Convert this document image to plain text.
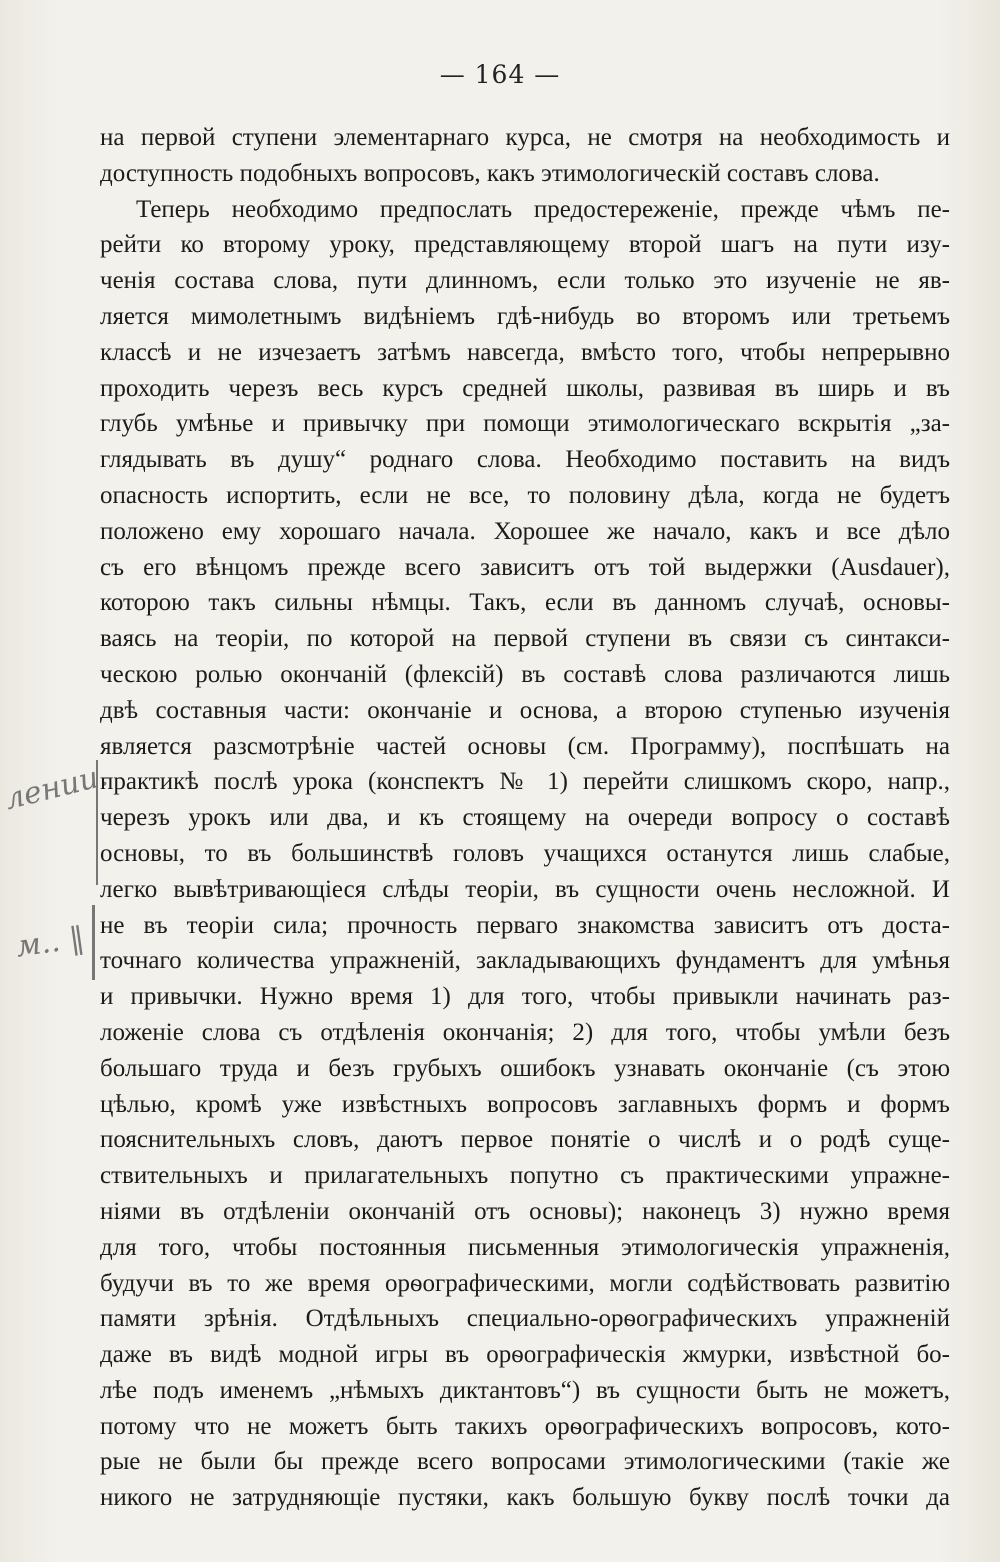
— 164 —
лении.
м.. ‖
на первой ступени элементарнаго курса, не смотря на необходимость и
доступность подобныхъ вопросовъ, какъ этимологическiй составъ слова.
Теперь необходимо предпослать предостереженiе, прежде чѣмъ пе-
рейти ко второму уроку, представляющему второй шагъ на пути изу-
ченiя состава слова, пути длинномъ, если только это изученiе не яв-
ляется мимолетнымъ видѣнiемъ гдѣ-нибудь во второмъ или третьемъ
классѣ и не изчезаетъ затѣмъ навсегда, вмѣсто того, чтобы непрерывно
проходить черезъ весь курсъ средней школы, развивая въ ширь и въ
глубь умѣнье и привычку при помощи этимологическаго вскрытiя „за-
глядывать въ душу“ роднаго слова. Необходимо поставить на видъ
опасность испортить, если не все, то половину дѣла, когда не будетъ
положено ему хорошаго начала. Хорошее же начало, какъ и все дѣло
съ его вѣнцомъ прежде всего зависитъ отъ той выдержки (Ausdauer),
которою такъ сильны нѣмцы. Такъ, если въ данномъ случаѣ, основы-
ваясь на теорiи, по которой на первой ступени въ связи съ синтакси-
ческою ролью окончанiй (флексiй) въ составѣ слова различаются лишь
двѣ составныя части: окончанiе и основа, а второю ступенью изученiя
является разсмотрѣнiе частей основы (см. Программу), поспѣшать на
практикѣ послѣ урока (конспектъ № 1) перейти слишкомъ скоро, напр.,
черезъ урокъ или два, и къ стоящему на очереди вопросу о составѣ
основы, то въ большинствѣ головъ учащихся останутся лишь слабые,
легко вывѣтривающiеся слѣды теорiи, въ сущности очень несложной. И
не въ теорiи сила; прочность перваго знакомства зависитъ отъ доста-
точнаго количества упражненiй, закладывающихъ фундаментъ для умѣнья
и привычки. Нужно время 1) для того, чтобы привыкли начинать раз-
ложенiе слова съ отдѣленiя окончанiя; 2) для того, чтобы умѣли безъ
большаго труда и безъ грубыхъ ошибокъ узнавать окончанiе (съ этою
цѣлью, кромѣ уже извѣстныхъ вопросовъ заглавныхъ формъ и формъ
пояснительныхъ словъ, даютъ первое понятiе о числѣ и о родѣ суще-
ствительныхъ и прилагательныхъ попутно съ практическими упражне-
нiями въ отдѣленiи окончанiй отъ основы); наконецъ 3) нужно время
для того, чтобы постоянныя письменныя этимологическiя упражненiя,
будучи въ то же время орѳографическими, могли содѣйствовать развитiю
памяти зрѣнiя. Отдѣльныхъ специально-орѳографическихъ упражненiй
даже въ видѣ модной игры въ орѳографическiя жмурки, извѣстной бо-
лѣе подъ именемъ „нѣмыхъ диктантовъ“) въ сущности быть не можетъ,
потому что не можетъ быть такихъ орѳографическихъ вопросовъ, кото-
рые не были бы прежде всего вопросами этимологическими (такiе же
никого не затрудняющiе пустяки, какъ большую букву послѣ точки да
